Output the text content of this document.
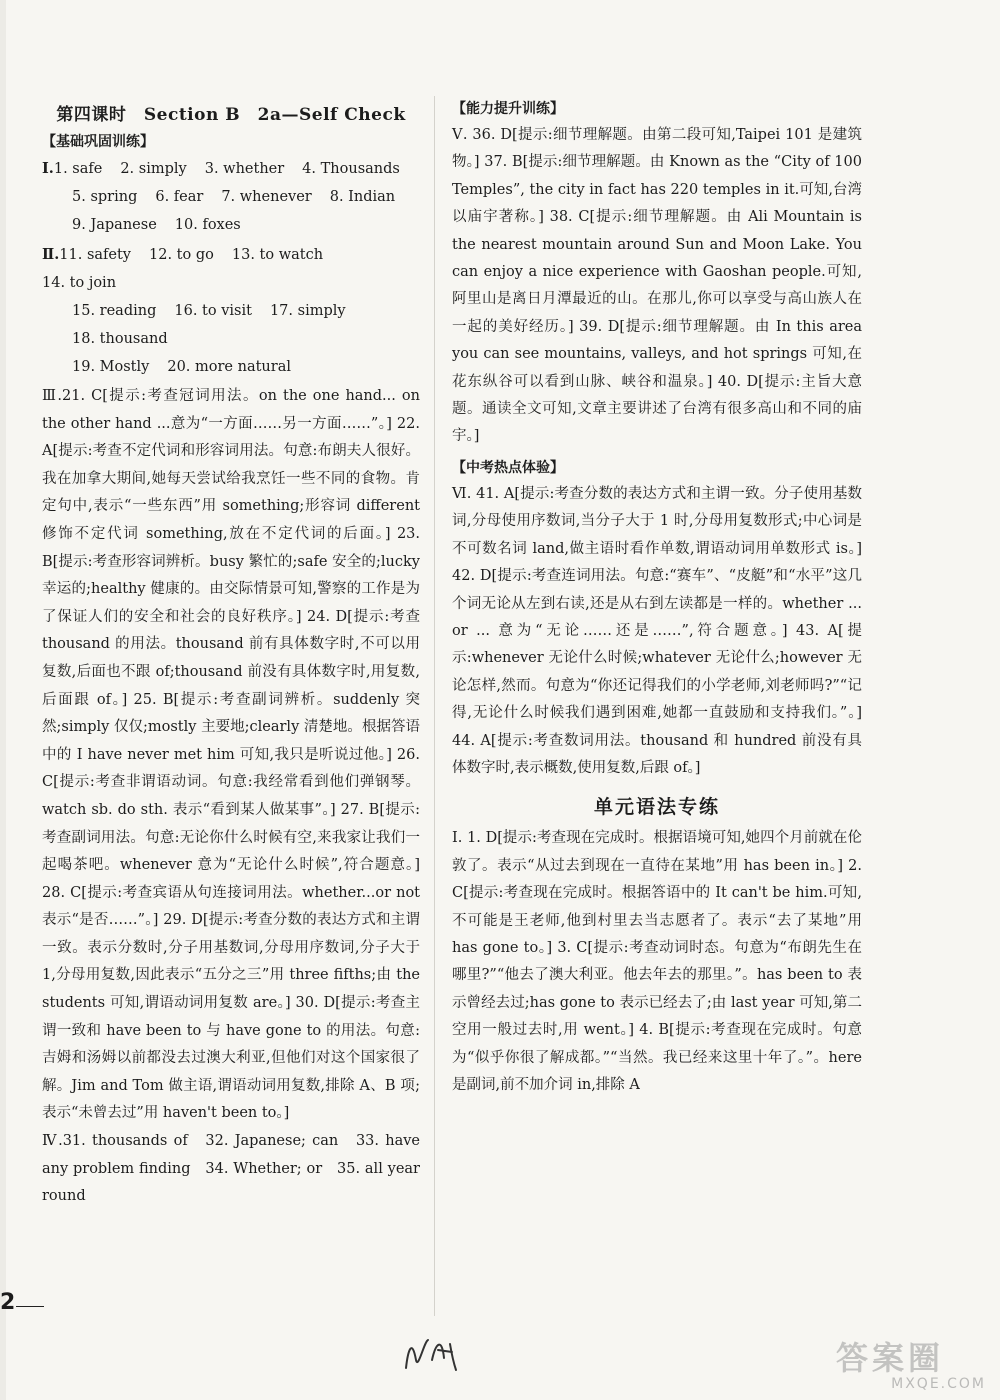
第四课时　Section B　2a—Self Check
【基础巩固训练】
Ⅰ. 1. safe 2. simply 3. whether 4. Thousands
5. spring 6. fear 7. whenever 8. Indian
9. Japanese 10. foxes
Ⅱ. 11. safety 12. to go 13. to watch
14. to join
15. reading 16. to visit 17. simply
18. thousand
19. Mostly 20. more natural

Ⅲ.21. C[提示:考查冠词用法。on the one hand... on the other hand ...意为“一方面……另一方面……”。] 22. A[提示:考查不定代词和形容词用法。句意:布朗夫人很好。我在加拿大期间,她每天尝试给我烹饪一些不同的食物。肯定句中,表示“一些东西”用 something;形容词 different 修饰不定代词 something,放在不定代词的后面。] 23. B[提示:考查形容词辨析。busy 繁忙的;safe 安全的;lucky 幸运的;healthy 健康的。由交际情景可知,警察的工作是为了保证人们的安全和社会的良好秩序。] 24. D[提示:考查 thousand 的用法。thousand 前有具体数字时,不可以用复数,后面也不跟 of;thousand 前没有具体数字时,用复数,后面跟 of。] 25. B[提示:考查副词辨析。suddenly 突然;simply 仅仅;mostly 主要地;clearly 清楚地。根据答语中的 I have never met him 可知,我只是听说过他。] 26. C[提示:考查非谓语动词。句意:我经常看到他们弹钢琴。watch sb. do sth. 表示“看到某人做某事”。] 27. B[提示:考查副词用法。句意:无论你什么时候有空,来我家让我们一起喝茶吧。whenever 意为“无论什么时候”,符合题意。] 28. C[提示:考查宾语从句连接词用法。whether...or not 表示“是否……”。] 29. D[提示:考查分数的表达方式和主谓一致。表示分数时,分子用基数词,分母用序数词,分子大于 1,分母用复数,因此表示“五分之三”用 three fifths;由 the students 可知,谓语动词用复数 are。] 30. D[提示:考查主谓一致和 have been to 与 have gone to 的用法。句意:吉姆和汤姆以前都没去过澳大利亚,但他们对这个国家很了解。Jim and Tom 做主语,谓语动词用复数,排除 A、B 项;表示“未曾去过”用 haven't been to。]

Ⅳ.31. thousands of　32. Japanese; can　33. have any problem finding　34. Whether; or　35. all year round

【能力提升训练】

Ⅴ. 36. D[提示:细节理解题。由第二段可知,Taipei 101 是建筑物。] 37. B[提示:细节理解题。由 Known as the “City of 100 Temples”, the city in fact has 220 temples in it.可知,台湾以庙宇著称。] 38. C[提示:细节理解题。由 Ali Mountain is the nearest mountain around Sun and Moon Lake. You can enjoy a nice experience with Gaoshan people.可知,阿里山是离日月潭最近的山。在那儿,你可以享受与高山族人在一起的美好经历。] 39. D[提示:细节理解题。由 In this area you can see mountains, valleys, and hot springs 可知,在花东纵谷可以看到山脉、峡谷和温泉。] 40. D[提示:主旨大意题。通读全文可知,文章主要讲述了台湾有很多高山和不同的庙宇。]

【中考热点体验】

Ⅵ. 41. A[提示:考查分数的表达方式和主谓一致。分子使用基数词,分母使用序数词,当分子大于 1 时,分母用复数形式;中心词是不可数名词 land,做主语时看作单数,谓语动词用单数形式 is。] 42. D[提示:考查连词用法。句意:“赛车”、“皮艇”和“水平”这几个词无论从左到右读,还是从右到左读都是一样的。whether ... or ... 意为“无论……还是……”,符合题意。] 43. A[提示:whenever 无论什么时候;whatever 无论什么;however 无论怎样,然而。句意为“你还记得我们的小学老师,刘老师吗?”“记得,无论什么时候我们遇到困难,她都一直鼓励和支持我们。”。] 44. A[提示:考查数词用法。thousand 和 hundred 前没有具体数字时,表示概数,使用复数,后跟 of。]

单元语法专练

Ⅰ. 1. D[提示:考查现在完成时。根据语境可知,她四个月前就在伦敦了。表示“从过去到现在一直待在某地”用 has been in。] 2. C[提示:考查现在完成时。根据答语中的 It can't be him.可知,不可能是王老师,他到村里去当志愿者了。表示“去了某地”用 has gone to。] 3. C[提示:考查动词时态。句意为“布朗先生在哪里?”“他去了澳大利亚。他去年去的那里。”。has been to 表示曾经去过;has gone to 表示已经去了;由 last year 可知,第二空用一般过去时,用 went。] 4. B[提示:考查现在完成时。句意为“似乎你很了解成都。”“当然。我已经来这里十年了。”。here 是副词,前不加介词 in,排除 A

2
答案圈
MXQE.COM
